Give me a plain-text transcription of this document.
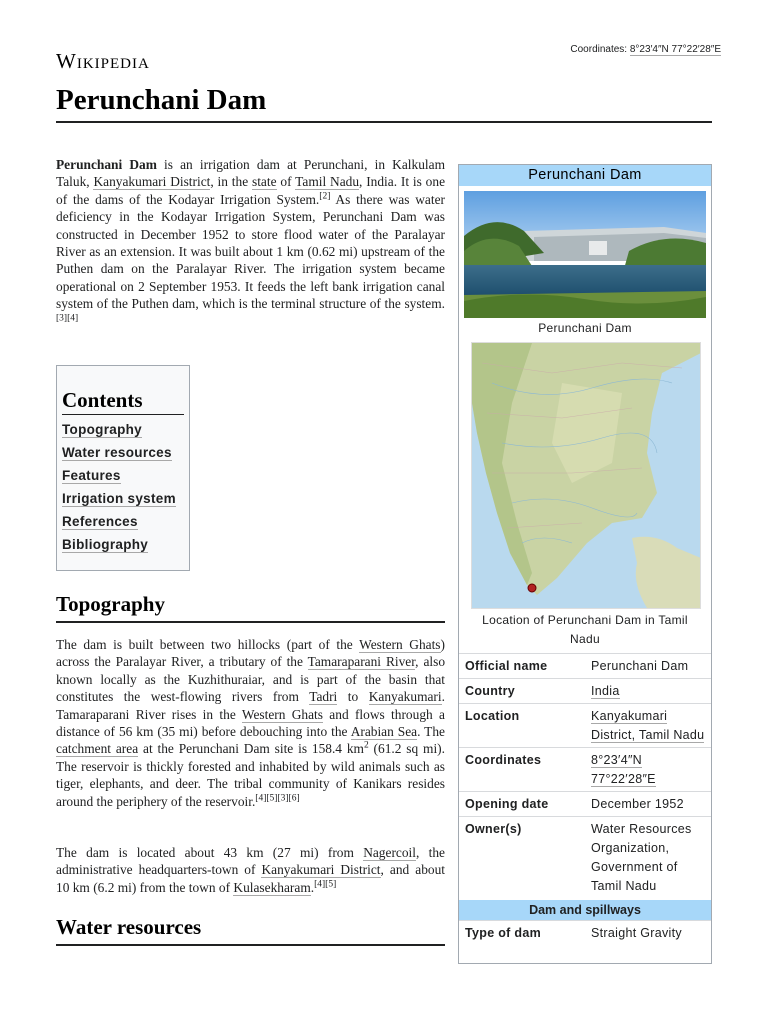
Wikipedia	Coordinates: 8°23′4″N 77°22′28″E
Perunchani Dam
Perunchani Dam is an irrigation dam at Perunchani, in Kalkulam Taluk, Kanyakumari District, in the state of Tamil Nadu, India. It is one of the dams of the Kodayar Irrigation System.[2] As there was water deficiency in the Kodayar Irrigation System, Perunchani Dam was constructed in December 1952 to store flood water of the Paralayar River as an extension. It was built about 1 km (0.62 mi) upstream of the Puthen dam on the Paralayar River. The irrigation system became operational on 2 September 1953. It feeds the left bank irrigation canal system of the Puthen dam, which is the terminal structure of the system.[3][4]
Contents
Topography
Water resources
Features
Irrigation system
References
Bibliography
Topography
The dam is built between two hillocks (part of the Western Ghats) across the Paralayar River, a tributary of the Tamaraparani River, also known locally as the Kuzhithuraiar, and is part of the basin that constitutes the west-flowing rivers from Tadri to Kanyakumari. Tamaraparani River rises in the Western Ghats and flows through a distance of 56 km (35 mi) before debouching into the Arabian Sea. The catchment area at the Perunchani Dam site is 158.4 $km^2$ (61.2 sq mi). The reservoir is thickly forested and inhabited by wild animals such as tiger, elephants, and deer. The tribal community of Kanikars resides around the periphery of the reservoir.[4][5][3][6]
The dam is located about 43 km (27 mi) from Nagercoil, the administrative headquarters-town of Kanyakumari District, and about 10 km (6.2 mi) from the town of Kulasekharam.[4][5]
Water resources
Perunchani Dam
Perunchani Dam
Location of Perunchani Dam in Tamil Nadu
Official name	Perunchani Dam
Country	India
Location	Kanyakumari District, Tamil Nadu
Coordinates	8°23′4″N 77°22′28″E
Opening date	December 1952
Owner(s)	Water Resources Organization, Government of Tamil Nadu
Dam and spillways
Type of dam	Straight Gravity
